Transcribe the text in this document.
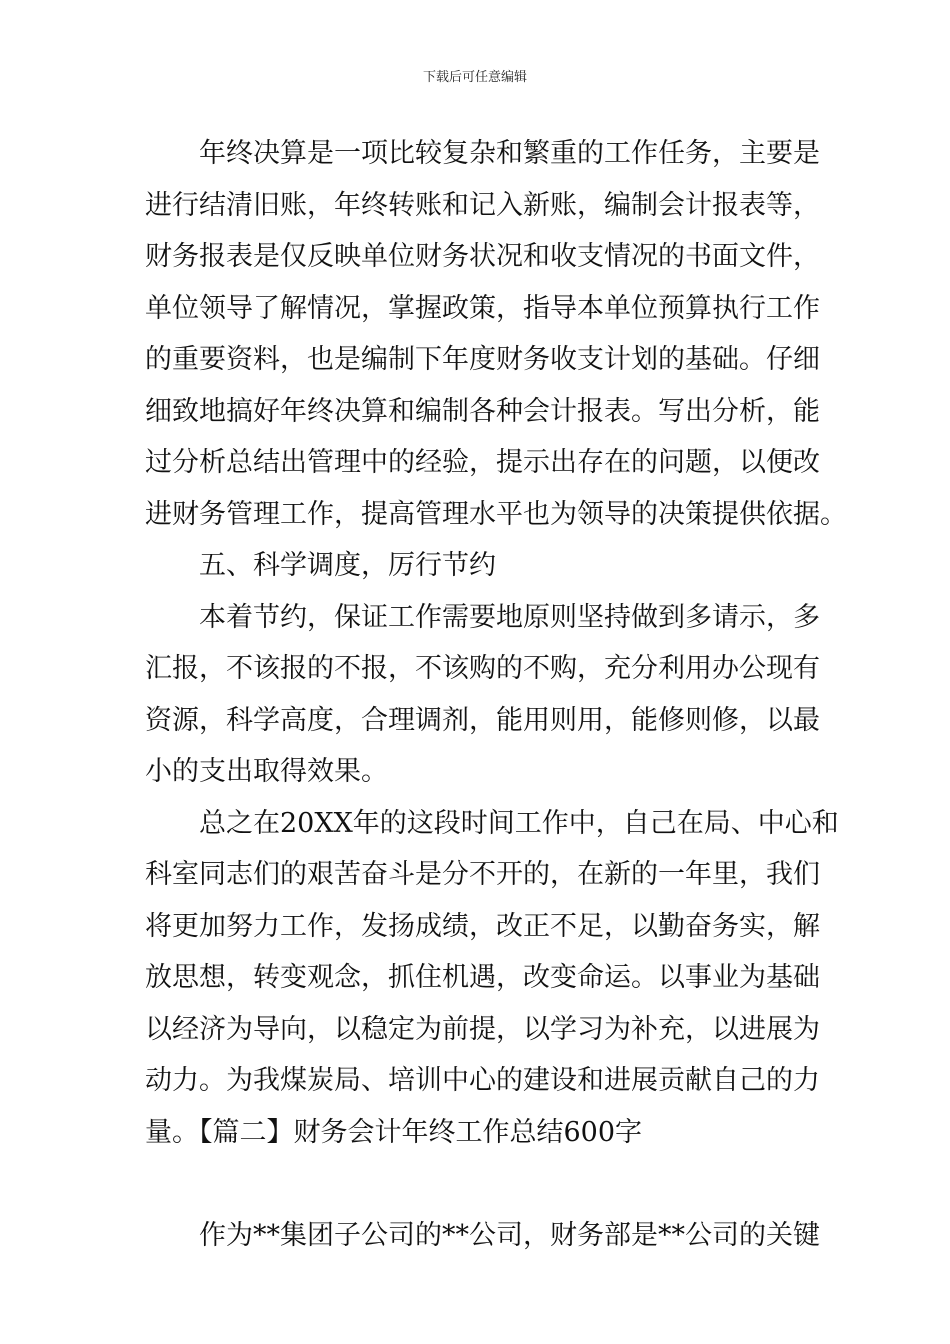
下载后可任意编辑
年终决算是一项比较复杂和繁重的工作任务，主要是
进行结清旧账，年终转账和记入新账，编制会计报表等，
财务报表是仅反映单位财务状况和收支情况的书面文件，
单位领导了解情况，掌握政策，指导本单位预算执行工作
的重要资料，也是编制下年度财务收支计划的基础。仔细
细致地搞好年终决算和编制各种会计报表。写出分析，能
过分析总结出管理中的经验，提示出存在的问题，以便改
进财务管理工作，提高管理水平也为领导的决策提供依据。
五、科学调度，厉行节约
本着节约，保证工作需要地原则坚持做到多请示，多
汇报，不该报的不报，不该购的不购，充分利用办公现有
资源，科学高度，合理调剂，能用则用，能修则修，以最
小的支出取得效果。
总之在20XX年的这段时间工作中，自己在局、中心和
科室同志们的艰苦奋斗是分不开的，在新的一年里，我们
将更加努力工作，发扬成绩，改正不足，以勤奋务实，解
放思想，转变观念，抓住机遇，改变命运。以事业为基础
以经济为导向，以稳定为前提，以学习为补充，以进展为
动力。为我煤炭局、培训中心的建设和进展贡献自己的力
量。【篇二】财务会计年终工作总结600字
作为**集团子公司的**公司，财务部是**公司的关键
